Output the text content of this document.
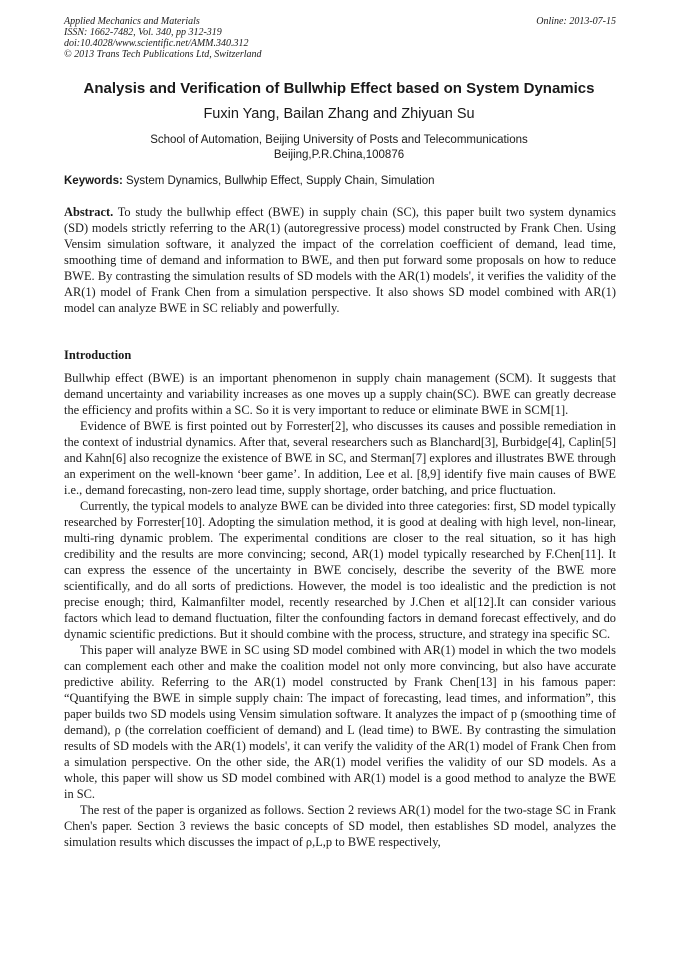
Applied Mechanics and Materials
ISSN: 1662-7482, Vol. 340, pp 312-319
doi:10.4028/www.scientific.net/AMM.340.312
© 2013 Trans Tech Publications Ltd, Switzerland
Online: 2013-07-15
Analysis and Verification of Bullwhip Effect based on System Dynamics
Fuxin Yang, Bailan Zhang and Zhiyuan Su
School of Automation, Beijing University of Posts and Telecommunications
Beijing,P.R.China,100876
Keywords: System Dynamics, Bullwhip Effect, Supply Chain, Simulation
Abstract. To study the bullwhip effect (BWE) in supply chain (SC), this paper built two system dynamics (SD) models strictly referring to the AR(1) (autoregressive process) model constructed by Frank Chen. Using Vensim simulation software, it analyzed the impact of the correlation coefficient of demand, lead time, smoothing time of demand and information to BWE, and then put forward some proposals on how to reduce BWE. By contrasting the simulation results of SD models with the AR(1) models', it verifies the validity of the AR(1) model of Frank Chen from a simulation perspective. It also shows SD model combined with AR(1) model can analyze BWE in SC reliably and powerfully.
Introduction

Bullwhip effect (BWE) is an important phenomenon in supply chain management (SCM). It suggests that demand uncertainty and variability increases as one moves up a supply chain(SC). BWE can greatly decrease the efficiency and profits within a SC. So it is very important to reduce or eliminate BWE in SCM[1].

Evidence of BWE is first pointed out by Forrester[2], who discusses its causes and possible remediation in the context of industrial dynamics. After that, several researchers such as Blanchard[3], Burbidge[4], Caplin[5] and Kahn[6] also recognize the existence of BWE in SC, and Sterman[7] explores and illustrates BWE through an experiment on the well-known ‘beer game’. In addition, Lee et al. [8,9] identify five main causes of BWE i.e., demand forecasting, non-zero lead time, supply shortage, order batching, and price fluctuation.

Currently, the typical models to analyze BWE can be divided into three categories: first, SD model typically researched by Forrester[10]. Adopting the simulation method, it is good at dealing with high level, non-linear, multi-ring dynamic problem. The experimental conditions are closer to the real situation, so it has high credibility and the results are more convincing; second, AR(1) model typically researched by F.Chen[11]. It can express the essence of the uncertainty in BWE concisely, describe the severity of the BWE more scientifically, and do all sorts of predictions. However, the model is too idealistic and the prediction is not precise enough; third, Kalmanfilter model, recently researched by J.Chen et al[12].It can consider various factors which lead to demand fluctuation, filter the confounding factors in demand forecast effectively, and do dynamic scientific predictions. But it should combine with the process, structure, and strategy ina specific SC.

This paper will analyze BWE in SC using SD model combined with AR(1) model in which the two models can complement each other and make the coalition model not only more convincing, but also have accurate predictive ability. Referring to the AR(1) model constructed by Frank Chen[13] in his famous paper: “Quantifying the BWE in simple supply chain: The impact of forecasting, lead times, and information”, this paper builds two SD models using Vensim simulation software. It analyzes the impact of p (smoothing time of demand), ρ (the correlation coefficient of demand) and L (lead time) to BWE. By contrasting the simulation results of SD models with the AR(1) models', it can verify the validity of the AR(1) model of Frank Chen from a simulation perspective. On the other side, the AR(1) model verifies the validity of our SD models. As a whole, this paper will show us SD model combined with AR(1) model is a good method to analyze the BWE in SC.

The rest of the paper is organized as follows. Section 2 reviews AR(1) model for the two-stage SC in Frank Chen's paper. Section 3 reviews the basic concepts of SD model, then establishes SD model, analyzes the simulation results which discusses the impact of ρ,L,p to BWE respectively,
